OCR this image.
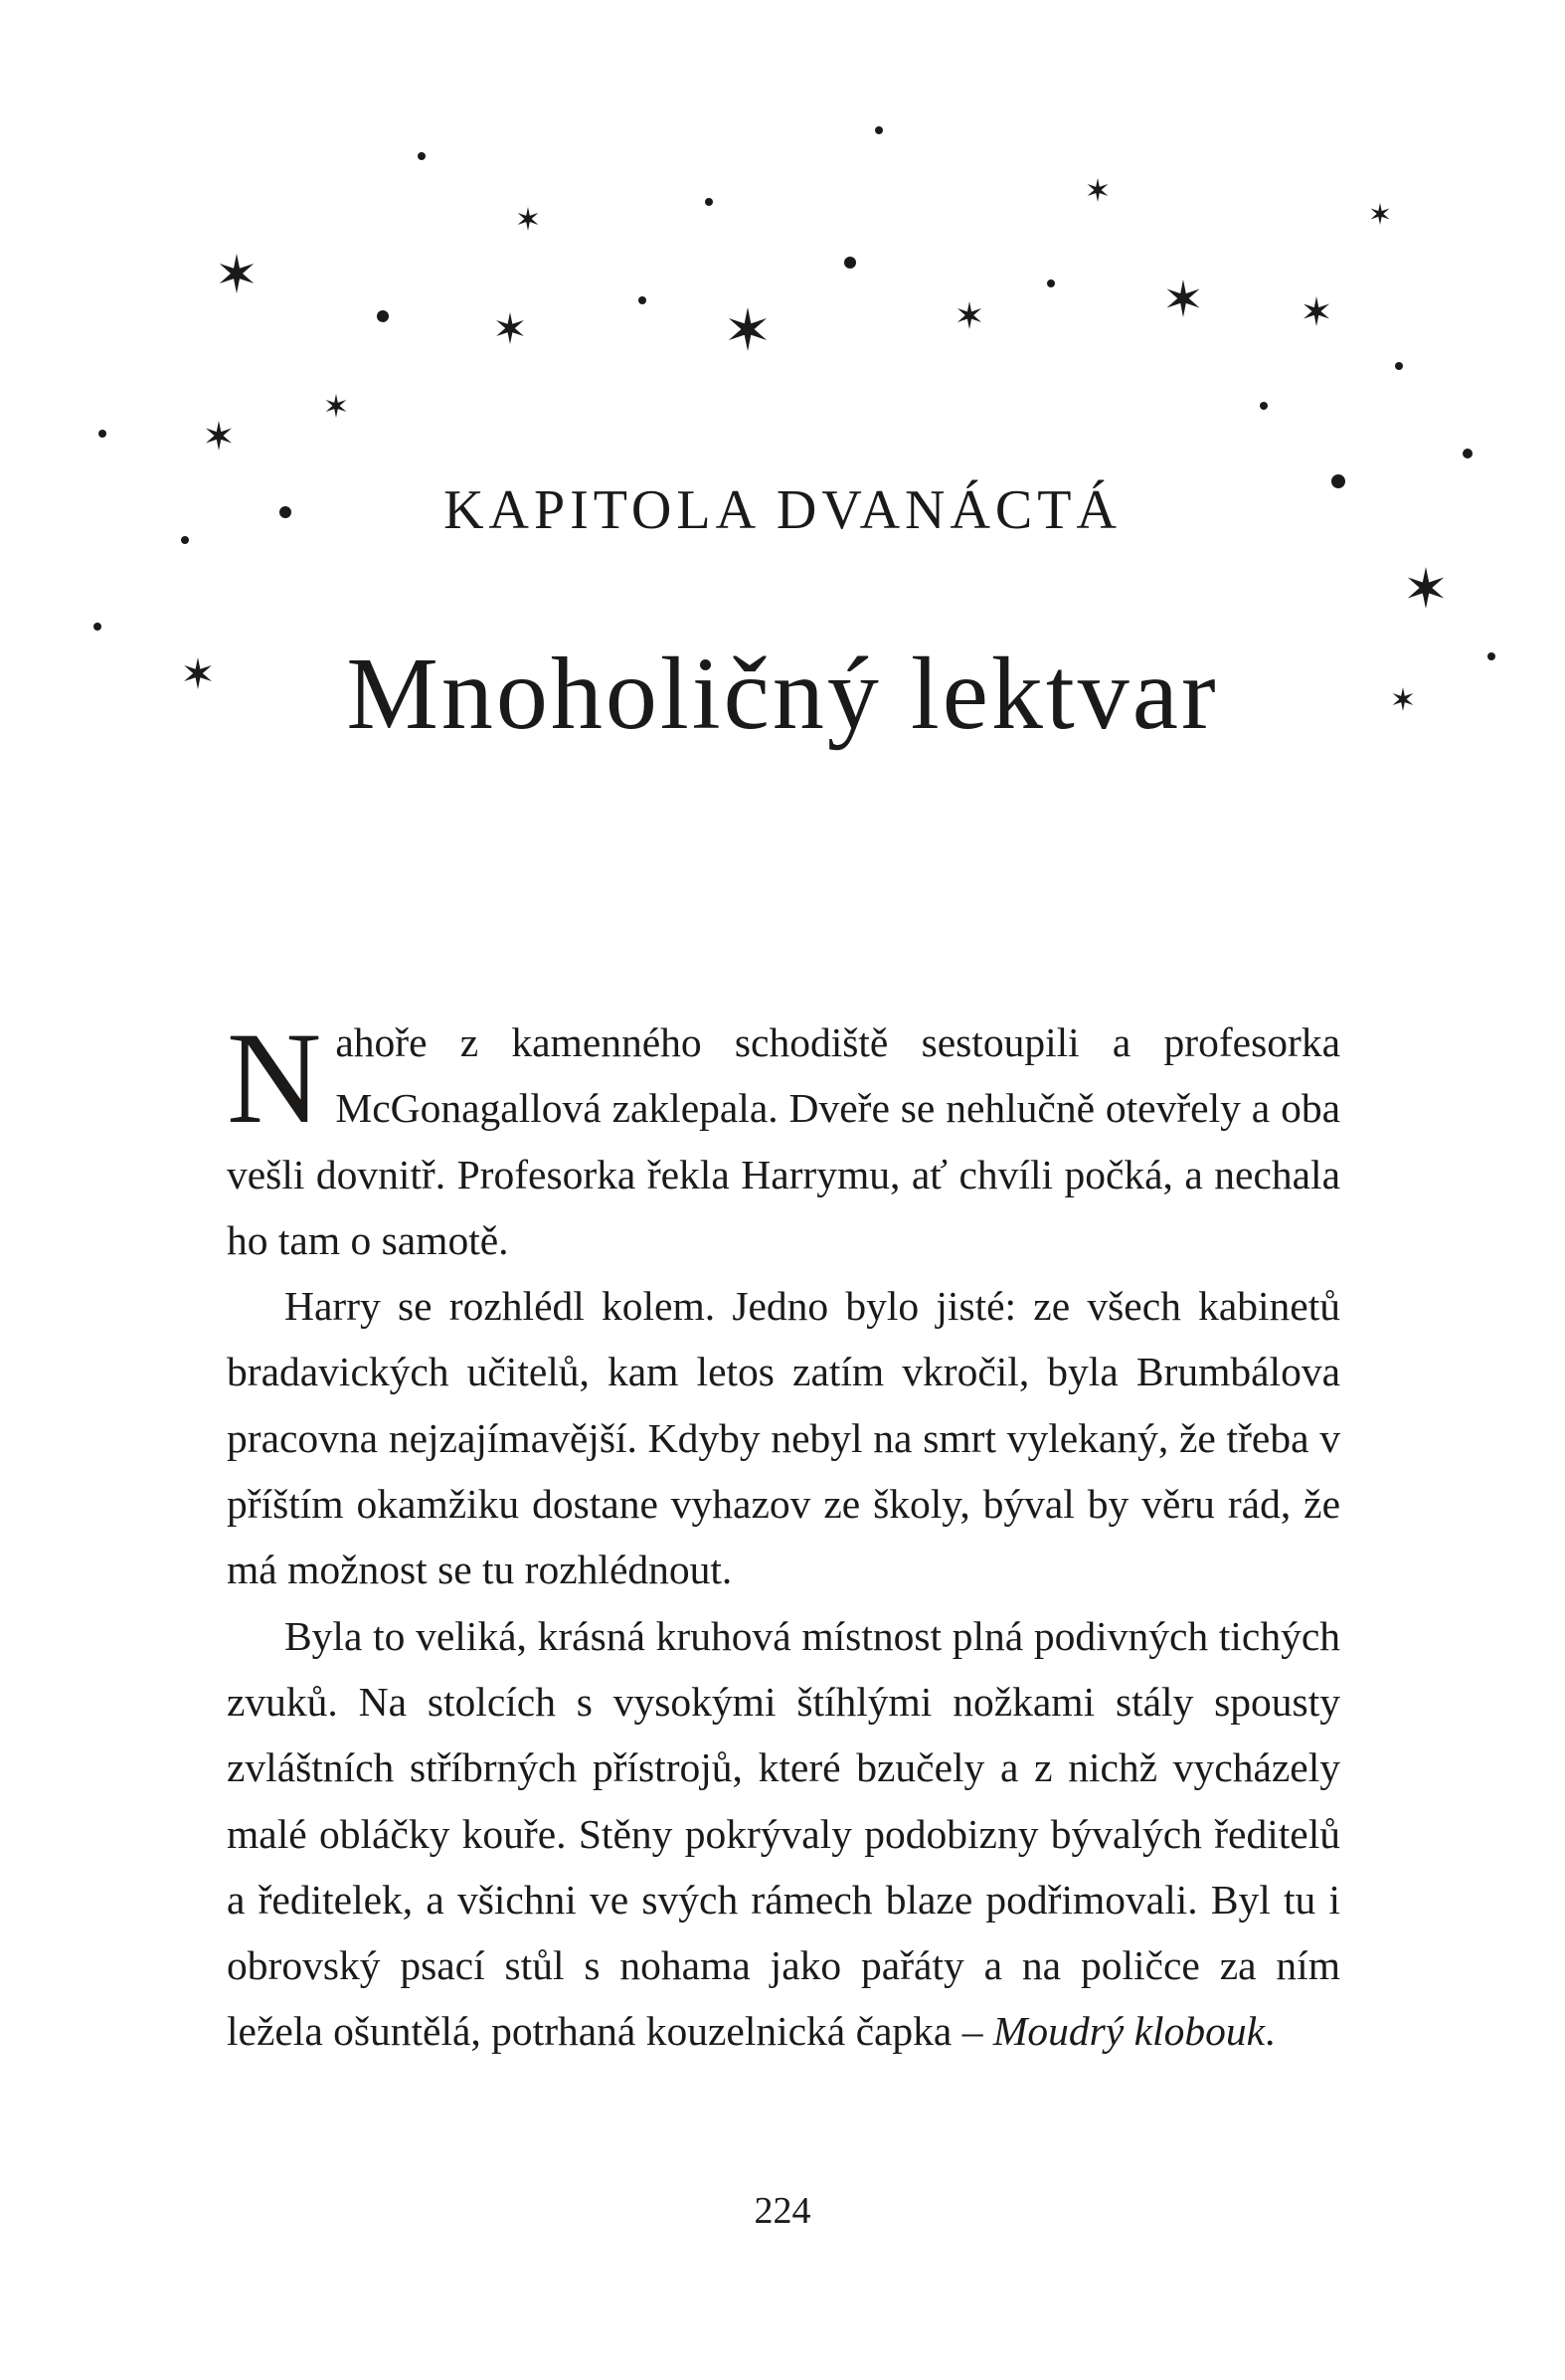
KAPITOLA DVANÁCTÁ
Mnoholičný lektvar

Nahoře z kamenného schodiště sestoupili a profesorka McGonagallová zaklepala. Dveře se nehlučně otevřely a oba vešli dovnitř. Profesorka řekla Harrymu, ať chvíli počká, a nechala ho tam o samotě.

Harry se rozhlédl kolem. Jedno bylo jisté: ze všech kabinetů bradavických učitelů, kam letos zatím vkročil, byla Brumbálova pracovna nejzajímavější. Kdyby nebyl na smrt vylekaný, že třeba v příštím okamžiku dostane vyhazov ze školy, býval by věru rád, že má možnost se tu rozhlédnout.

Byla to veliká, krásná kruhová místnost plná podivných tichých zvuků. Na stolcích s vysokými štíhlými nožkami stály spousty zvláštních stříbrných přístrojů, které bzučely a z nichž vycházely malé obláčky kouře. Stěny pokrývaly podobizny bývalých ředitelů a ředitelek, a všichni ve svých rámech blaze podřimovali. Byl tu i obrovský psací stůl s nohama jako pařáty a na poličce za ním ležela ošuntělá, potrhaná kouzelnická čapka – Moudrý klobouk.

224
